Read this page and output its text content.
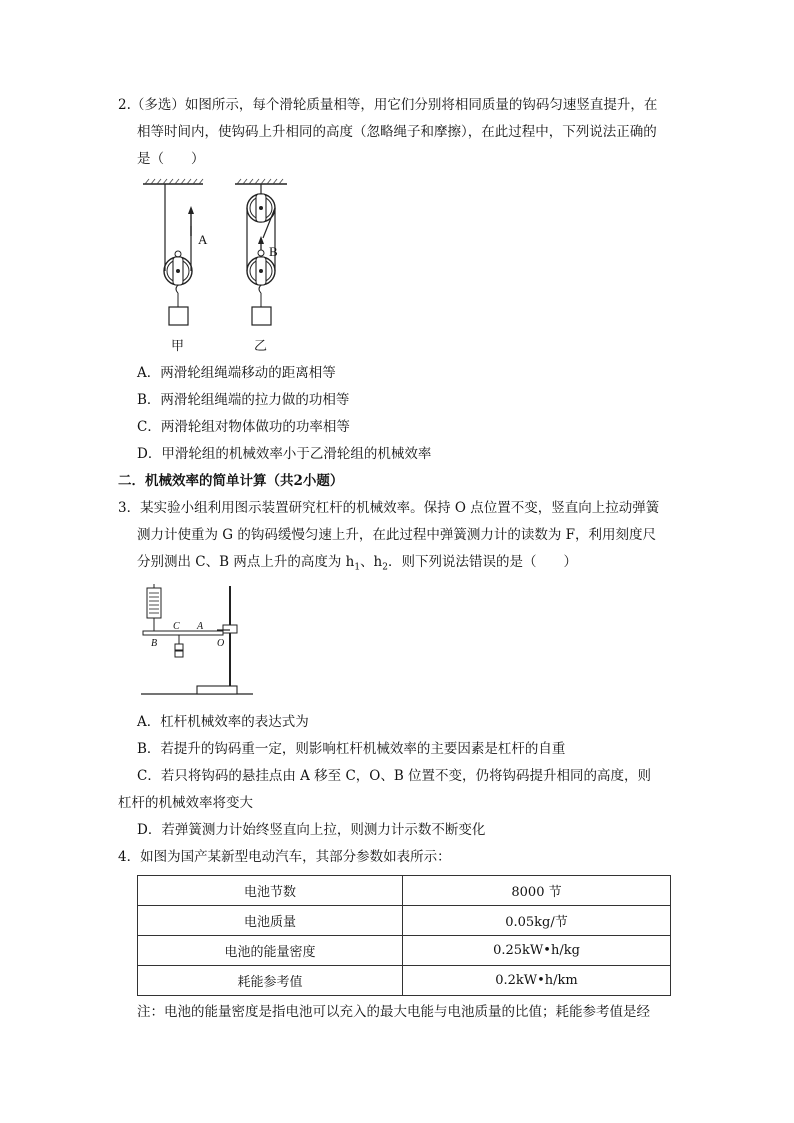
2.（多选）如图所示，每个滑轮质量相等，用它们分别将相同质量的钩码匀速竖直提升，在
相等时间内，使钩码上升相同的高度（忽略绳子和摩擦），在此过程中，下列说法正确的
是（　　）
A
甲
B
乙
A．两滑轮组绳端移动的距离相等
B．两滑轮组绳端的拉力做的功相等
C．两滑轮组对物体做功的功率相等
D．甲滑轮组的机械效率小于乙滑轮组的机械效率
二．机械效率的简单计算（共2小题）
3．某实验小组利用图示装置研究杠杆的机械效率。保持 O 点位置不变，竖直向上拉动弹簧
测力计使重为 G 的钩码缓慢匀速上升，在此过程中弹簧测力计的读数为 F，利用刻度尺
分别测出 C、B 两点上升的高度为 $h_1$、$h_2$．则下列说法错误的是（　　）
B
C A
O
A．杠杆机械效率的表达式为
B．若提升的钩码重一定，则影响杠杆机械效率的主要因素是杠杆的自重
C．若只将钩码的悬挂点由 A 移至 C，O、B 位置不变，仍将钩码提升相同的高度，则
杠杆的机械效率将变大
D．若弹簧测力计始终竖直向上拉，则测力计示数不断变化
4．如图为国产某新型电动汽车，其部分参数如表所示：
电池节数	8000 节
电池质量	0.05kg/节
电池的能量密度	0.25kW•h/kg
耗能参考值	0.2kW•h/km
注：电池的能量密度是指电池可以充入的最大电能与电池质量的比值；耗能参考值是经
